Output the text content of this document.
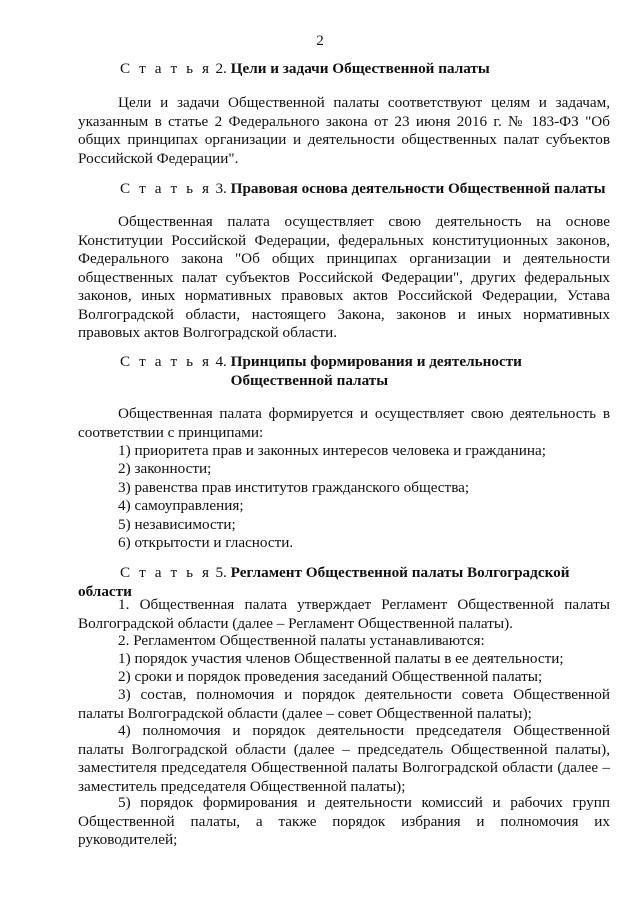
2
С т а т ь я 2. Цели и задачи Общественной палаты
Цели и задачи Общественной палаты соответствуют целям и задачам, указанным в статье 2 Федерального закона от 23 июня 2016 г. № 183-ФЗ "Об общих принципах организации и деятельности общественных палат субъектов Российской Федерации".
С т а т ь я 3. Правовая основа деятельности Общественной палаты
Общественная палата осуществляет свою деятельность на основе Конституции Российской Федерации, федеральных конституционных законов, Федерального закона "Об общих принципах организации и деятельности общественных палат субъектов Российской Федерации", других федеральных законов, иных нормативных правовых актов Российской Федерации, Устава Волгоградской области, настоящего Закона, законов и иных нормативных правовых актов Волгоградской области.
С т а т ь я 4. Принципы формирования и деятельности
Общественной палаты
Общественная палата формируется и осуществляет свою деятельность в соответствии с принципами:
1) приоритета прав и законных интересов человека и гражданина;
2) законности;
3) равенства прав институтов гражданского общества;
4) самоуправления;
5) независимости;
6) открытости и гласности.
С т а т ь я 5. Регламент Общественной палаты Волгоградской области
1. Общественная палата утверждает Регламент Общественной палаты Волгоградской области (далее – Регламент Общественной палаты).
2. Регламентом Общественной палаты устанавливаются:
1) порядок участия членов Общественной палаты в ее деятельности;
2) сроки и порядок проведения заседаний Общественной палаты;
3) состав, полномочия и порядок деятельности совета Общественной палаты Волгоградской области (далее – совет Общественной палаты);
4) полномочия и порядок деятельности председателя Общественной палаты Волгоградской области (далее – председатель Общественной палаты), заместителя председателя Общественной палаты Волгоградской области (далее – заместитель председателя Общественной палаты);
5) порядок формирования и деятельности комиссий и рабочих групп Общественной палаты, а также порядок избрания и полномочия их руководителей;
